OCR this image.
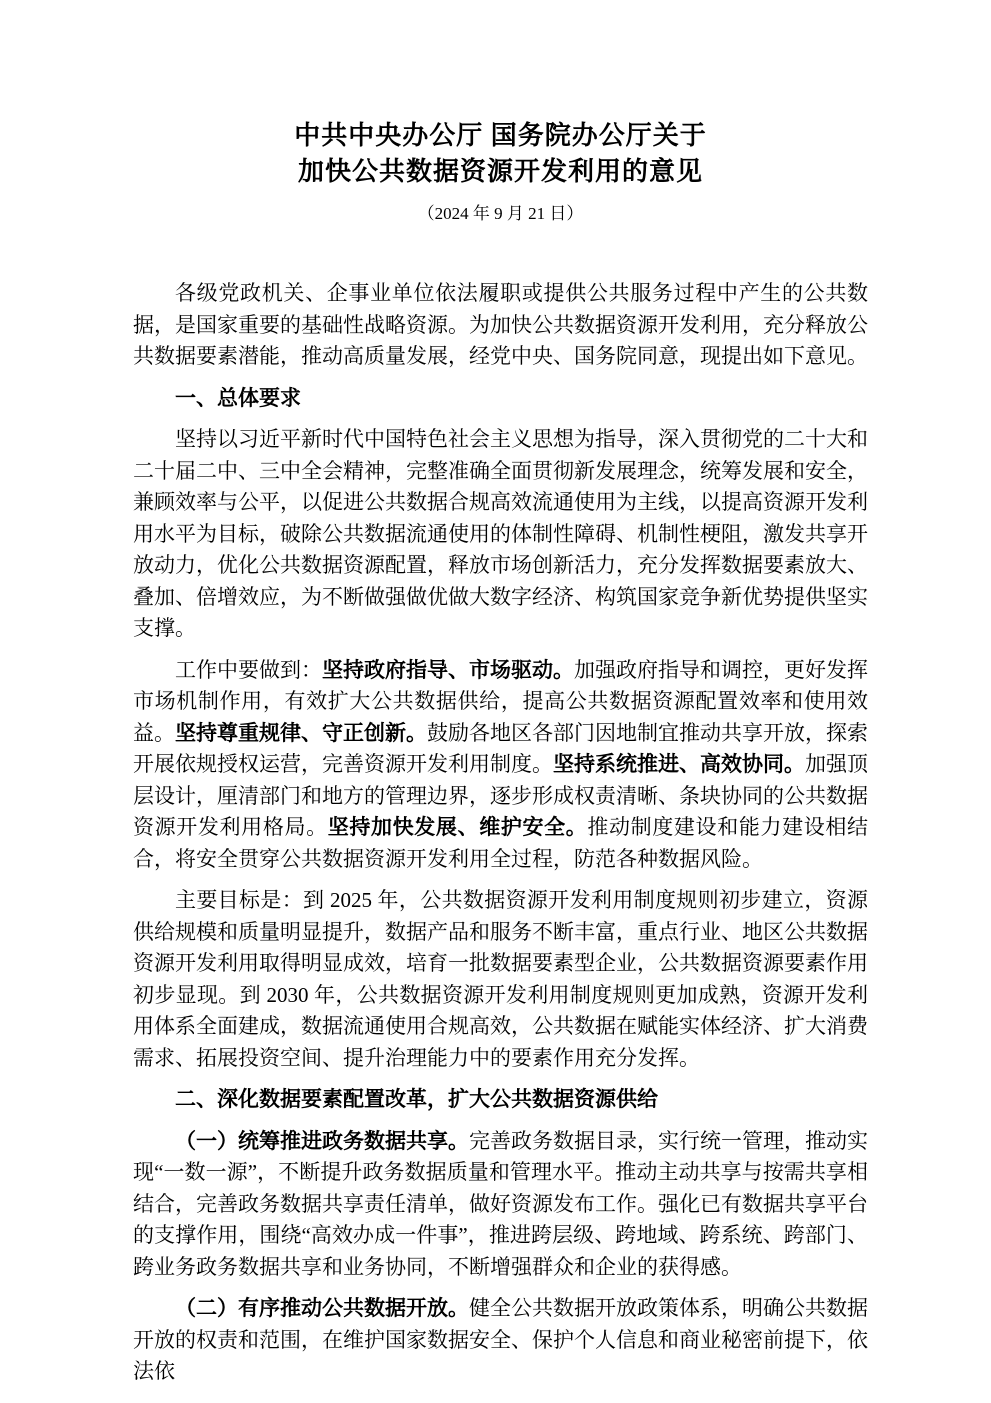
中共中央办公厅 国务院办公厅关于
加快公共数据资源开发利用的意见
（2024 年 9 月 21 日）

各级党政机关、企事业单位依法履职或提供公共服务过程中产生的公共数据，是国家重要的基础性战略资源。为加快公共数据资源开发利用，充分释放公共数据要素潜能，推动高质量发展，经党中央、国务院同意，现提出如下意见。

一、总体要求

坚持以习近平新时代中国特色社会主义思想为指导，深入贯彻党的二十大和二十届二中、三中全会精神，完整准确全面贯彻新发展理念，统筹发展和安全，兼顾效率与公平，以促进公共数据合规高效流通使用为主线，以提高资源开发利用水平为目标，破除公共数据流通使用的体制性障碍、机制性梗阻，激发共享开放动力，优化公共数据资源配置，释放市场创新活力，充分发挥数据要素放大、叠加、倍增效应，为不断做强做优做大数字经济、构筑国家竞争新优势提供坚实支撑。

工作中要做到：坚持政府指导、市场驱动。加强政府指导和调控，更好发挥市场机制作用，有效扩大公共数据供给，提高公共数据资源配置效率和使用效益。坚持尊重规律、守正创新。鼓励各地区各部门因地制宜推动共享开放，探索开展依规授权运营，完善资源开发利用制度。坚持系统推进、高效协同。加强顶层设计，厘清部门和地方的管理边界，逐步形成权责清晰、条块协同的公共数据资源开发利用格局。坚持加快发展、维护安全。推动制度建设和能力建设相结合，将安全贯穿公共数据资源开发利用全过程，防范各种数据风险。

主要目标是：到 2025 年，公共数据资源开发利用制度规则初步建立，资源供给规模和质量明显提升，数据产品和服务不断丰富，重点行业、地区公共数据资源开发利用取得明显成效，培育一批数据要素型企业，公共数据资源要素作用初步显现。到 2030 年，公共数据资源开发利用制度规则更加成熟，资源开发利用体系全面建成，数据流通使用合规高效，公共数据在赋能实体经济、扩大消费需求、拓展投资空间、提升治理能力中的要素作用充分发挥。

二、深化数据要素配置改革，扩大公共数据资源供给

（一）统筹推进政务数据共享。完善政务数据目录，实行统一管理，推动实现“一数一源”，不断提升政务数据质量和管理水平。推动主动共享与按需共享相结合，完善政务数据共享责任清单，做好资源发布工作。强化已有数据共享平台的支撑作用，围绕“高效办成一件事”，推进跨层级、跨地域、跨系统、跨部门、跨业务政务数据共享和业务协同，不断增强群众和企业的获得感。

（二）有序推动公共数据开放。健全公共数据开放政策体系，明确公共数据开放的权责和范围，在维护国家数据安全、保护个人信息和商业秘密前提下，依法依
